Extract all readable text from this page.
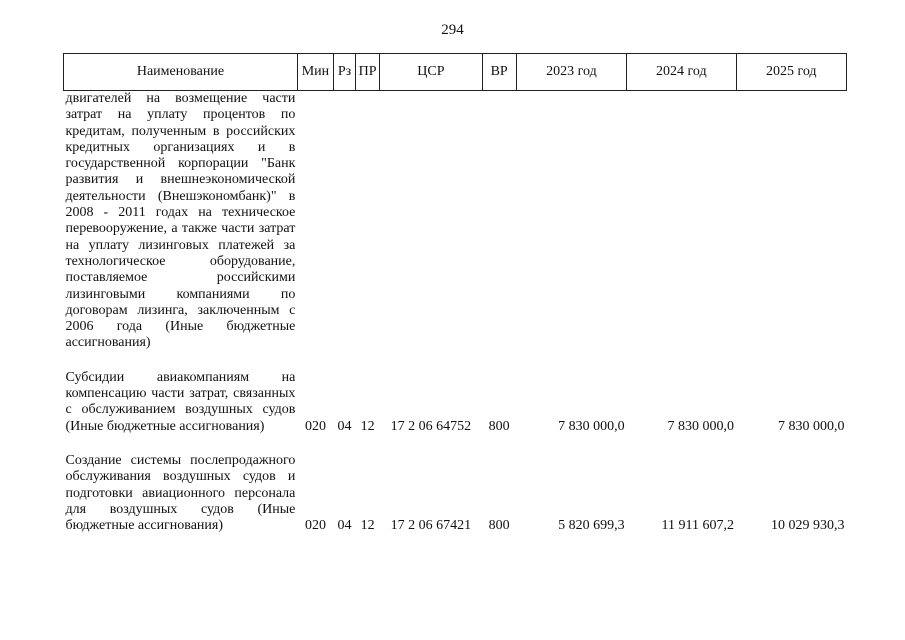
294
Наименование	Мин	Рз	ПР	ЦСР	ВР	2023 год	2024 год	2025 год
двигателей на возмещение части затрат на уплату процентов по кредитам, полученным в российских кредитных организациях и в государственной корпорации "Банк развития и внешнеэкономической деятельности (Внешэкономбанк)" в 2008 - 2011 годах на техническое перевооружение, а также части затрат на уплату лизинговых платежей за технологическое оборудование, поставляемое российскими лизинговыми компаниями по договорам лизинга, заключенным с 2006 года (Иные бюджетные ассигнования)								

Субсидии авиакомпаниям на компенсацию части затрат, связанных с обслуживанием воздушных судов (Иные бюджетные ассигнования)	020	04	12	17 2 06 64752	800	7 830 000,0	7 830 000,0	7 830 000,0

Создание системы послепродажного обслуживания воздушных судов и подготовки авиационного персонала для воздушных судов (Иные бюджетные ассигнования)	020	04	12	17 2 06 67421	800	5 820 699,3	11 911 607,2	10 029 930,3
